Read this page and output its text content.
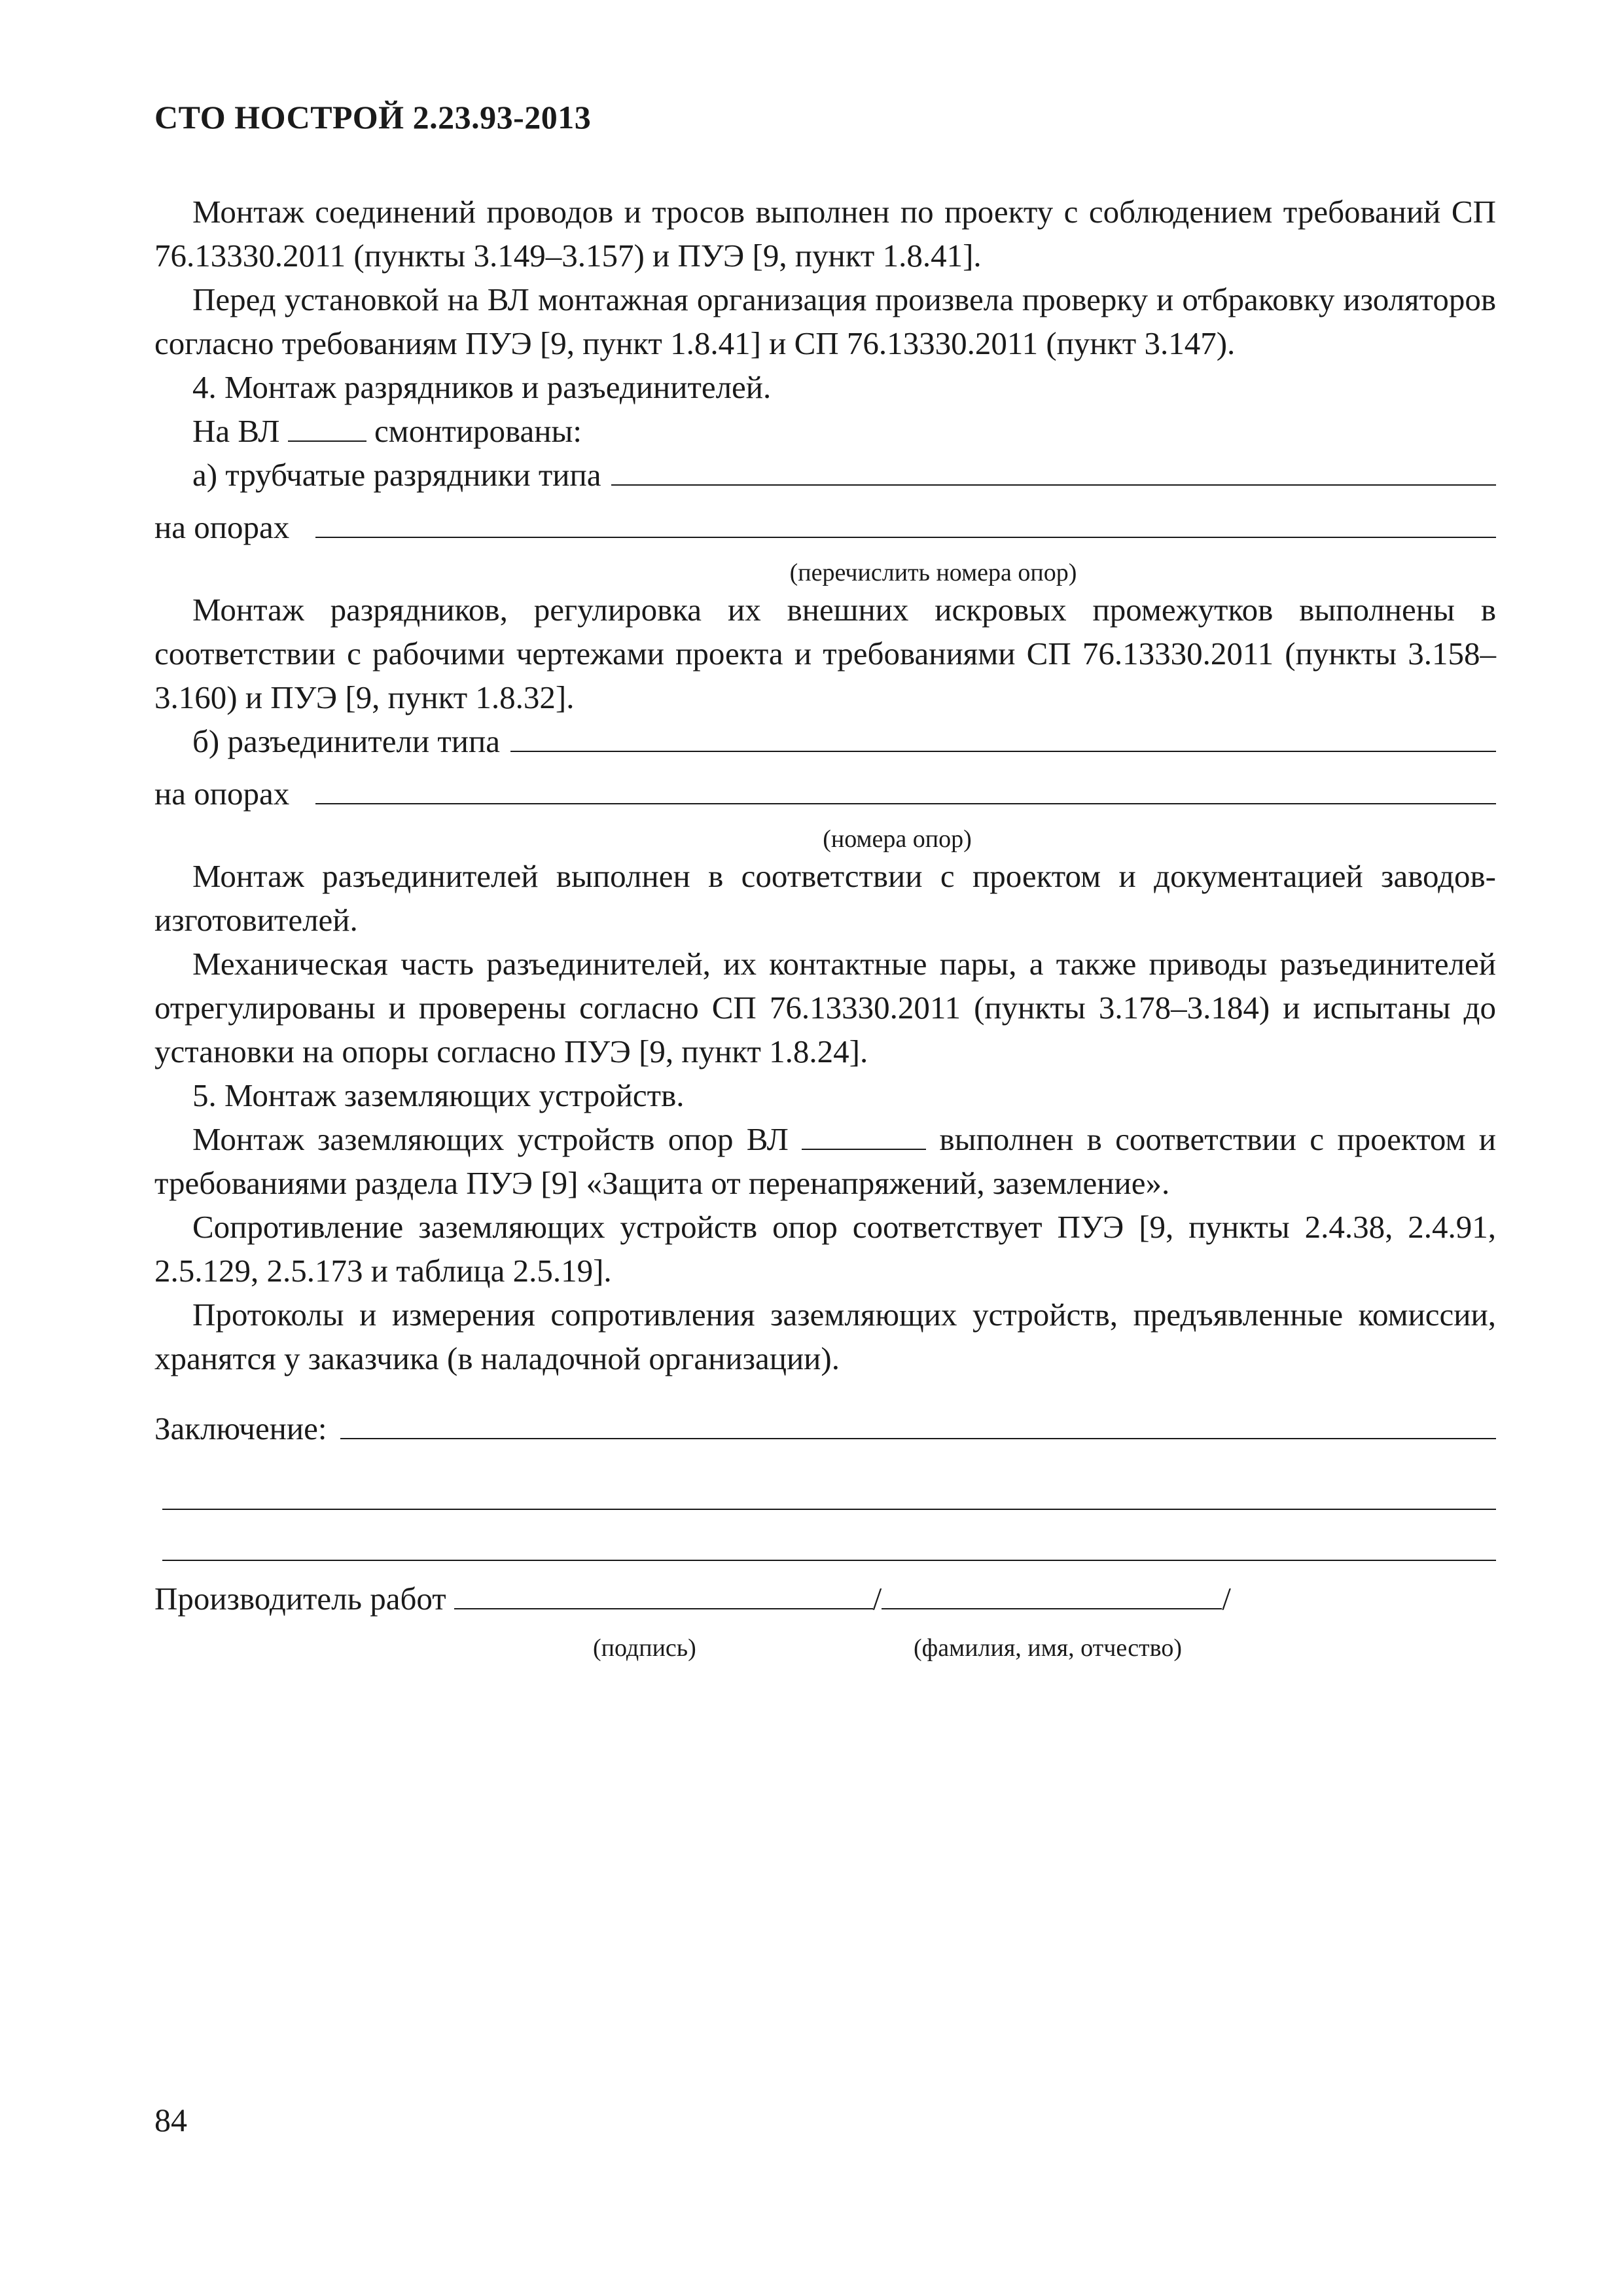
СТО НОСТРОЙ 2.23.93-2013

Монтаж соединений проводов и тросов выполнен по проекту с соблюдением требований СП 76.13330.2011 (пункты 3.149–3.157) и ПУЭ [9, пункт 1.8.41].

Перед установкой на ВЛ монтажная организация произвела проверку и отбраковку изоляторов согласно требованиям ПУЭ [9, пункт 1.8.41] и СП 76.13330.2011 (пункт 3.147).

4. Монтаж разрядников и разъединителей.

На ВЛ	смонтированы:

а) трубчатые разрядники типа
на опорах

(перечислить номера опор)

Монтаж разрядников, регулировка их внешних искровых промежутков выполнены в соответствии с рабочими чертежами проекта и требованиями СП 76.13330.2011 (пункты 3.158–3.160) и ПУЭ [9, пункт 1.8.32].

б) разъединители типа
на опорах

(номера опор)

Монтаж разъединителей выполнен в соответствии с проектом и документацией заводов-изготовителей.

Механическая часть разъединителей, их контактные пары, а также приводы разъединителей отрегулированы и проверены согласно СП 76.13330.2011 (пункты 3.178–3.184) и испытаны до установки на опоры согласно ПУЭ [9, пункт 1.8.24].

5. Монтаж заземляющих устройств.

Монтаж заземляющих устройств опор ВЛ	выполнен в соответствии с проектом и требованиями раздела ПУЭ [9] «Защита от перенапряжений, заземление».

Сопротивление заземляющих устройств опор соответствует ПУЭ [9, пункты 2.4.38, 2.4.91, 2.5.129, 2.5.173 и таблица 2.5.19].

Протоколы и измерения сопротивления заземляющих устройств, предъявленные комиссии, хранятся у заказчика (в наладочной организации).

Заключение:
Производитель работ	/	/
(подпись)	(фамилия, имя, отчество)
84
